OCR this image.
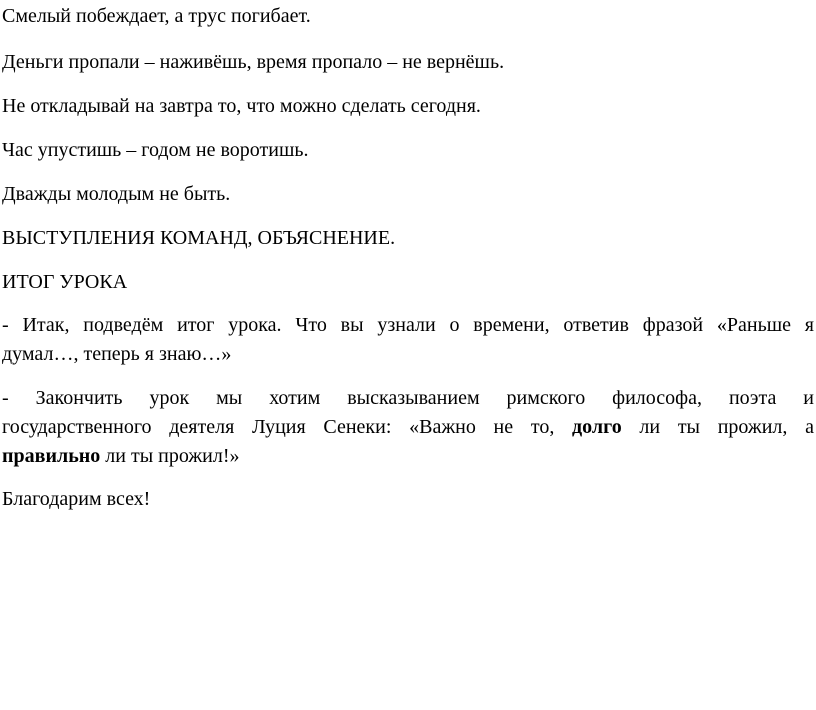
Смелый побеждает, а трус погибает.
Деньги пропали – наживёшь, время пропало – не вернёшь.
Не откладывай на завтра то, что можно сделать сегодня.
Час упустишь – годом не воротишь.
Дважды молодым не быть.
ВЫСТУПЛЕНИЯ КОМАНД, ОБЪЯСНЕНИЕ.
ИТОГ УРОКА
- Итак, подведём итог урока. Что вы узнали о времени, ответив фразой «Раньше я
думал…, теперь я знаю…»
- Закончить урок мы хотим высказыванием римского философа, поэта и
государственного деятеля Луция Сенеки: «Важно не то, долго ли ты прожил, а
правильно ли ты прожил!»
Благодарим всех!
